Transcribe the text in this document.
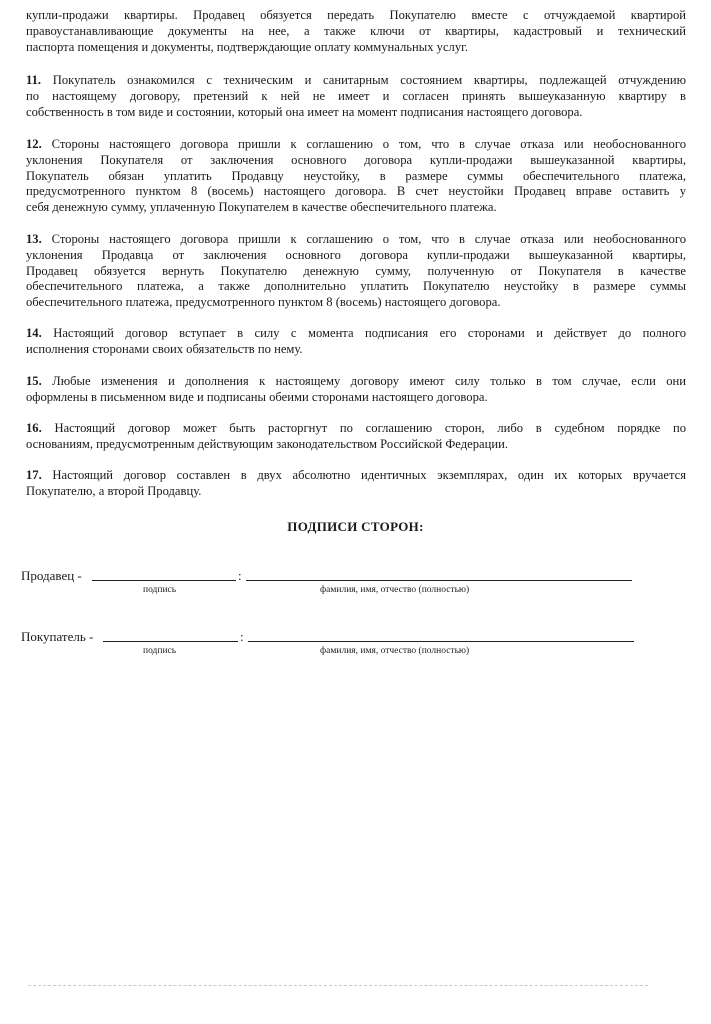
купли-продажи квартиры. Продавец обязуется передать Покупателю вместе с отчуждаемой квартирой
правоустанавливающие документы на нее, а также ключи от квартиры, кадастровый и технический
паспорта помещения и документы, подтверждающие оплату коммунальных услуг.
11. Покупатель ознакомился с техническим и санитарным состоянием квартиры, подлежащей отчуждению
по настоящему договору, претензий к ней не имеет и согласен принять вышеуказанную квартиру в
собственность в том виде и состоянии, который она имеет на момент подписания настоящего договора.
12. Стороны настоящего договора пришли к соглашению о том, что в случае отказа или необоснованного
уклонения Покупателя от заключения основного договора купли-продажи вышеуказанной квартиры,
Покупатель обязан уплатить Продавцу неустойку, в размере суммы обеспечительного платежа,
предусмотренного пунктом 8 (восемь) настоящего договора. В счет неустойки Продавец вправе оставить у
себя денежную сумму, уплаченную Покупателем в качестве обеспечительного платежа.
13. Стороны настоящего договора пришли к соглашению о том, что в случае отказа или необоснованного
уклонения Продавца от заключения основного договора купли-продажи вышеуказанной квартиры,
Продавец обязуется вернуть Покупателю денежную сумму, полученную от Покупателя в качестве
обеспечительного платежа, а также дополнительно уплатить Покупателю неустойку в размере суммы
обеспечительного платежа, предусмотренного пунктом 8 (восемь) настоящего договора.
14. Настоящий договор вступает в силу с момента подписания его сторонами и действует до полного
исполнения сторонами своих обязательств по нему.
15. Любые изменения и дополнения к настоящему договору имеют силу только в том случае, если они
оформлены в письменном виде и подписаны обеими сторонами настоящего договора.
16. Настоящий договор может быть расторгнут по соглашению сторон, либо в судебном порядке по
основаниям, предусмотренным действующим законодательством Российской Федерации.
17. Настоящий договор составлен в двух абсолютно идентичных экземплярах, один их которых вручается
Покупателю, а второй Продавцу.
ПОДПИСИ СТОРОН:
Продавец -	:
подпись	фамилия, имя, отчество (полностью)
Покупатель -	:
подпись	фамилия, имя, отчество (полностью)
